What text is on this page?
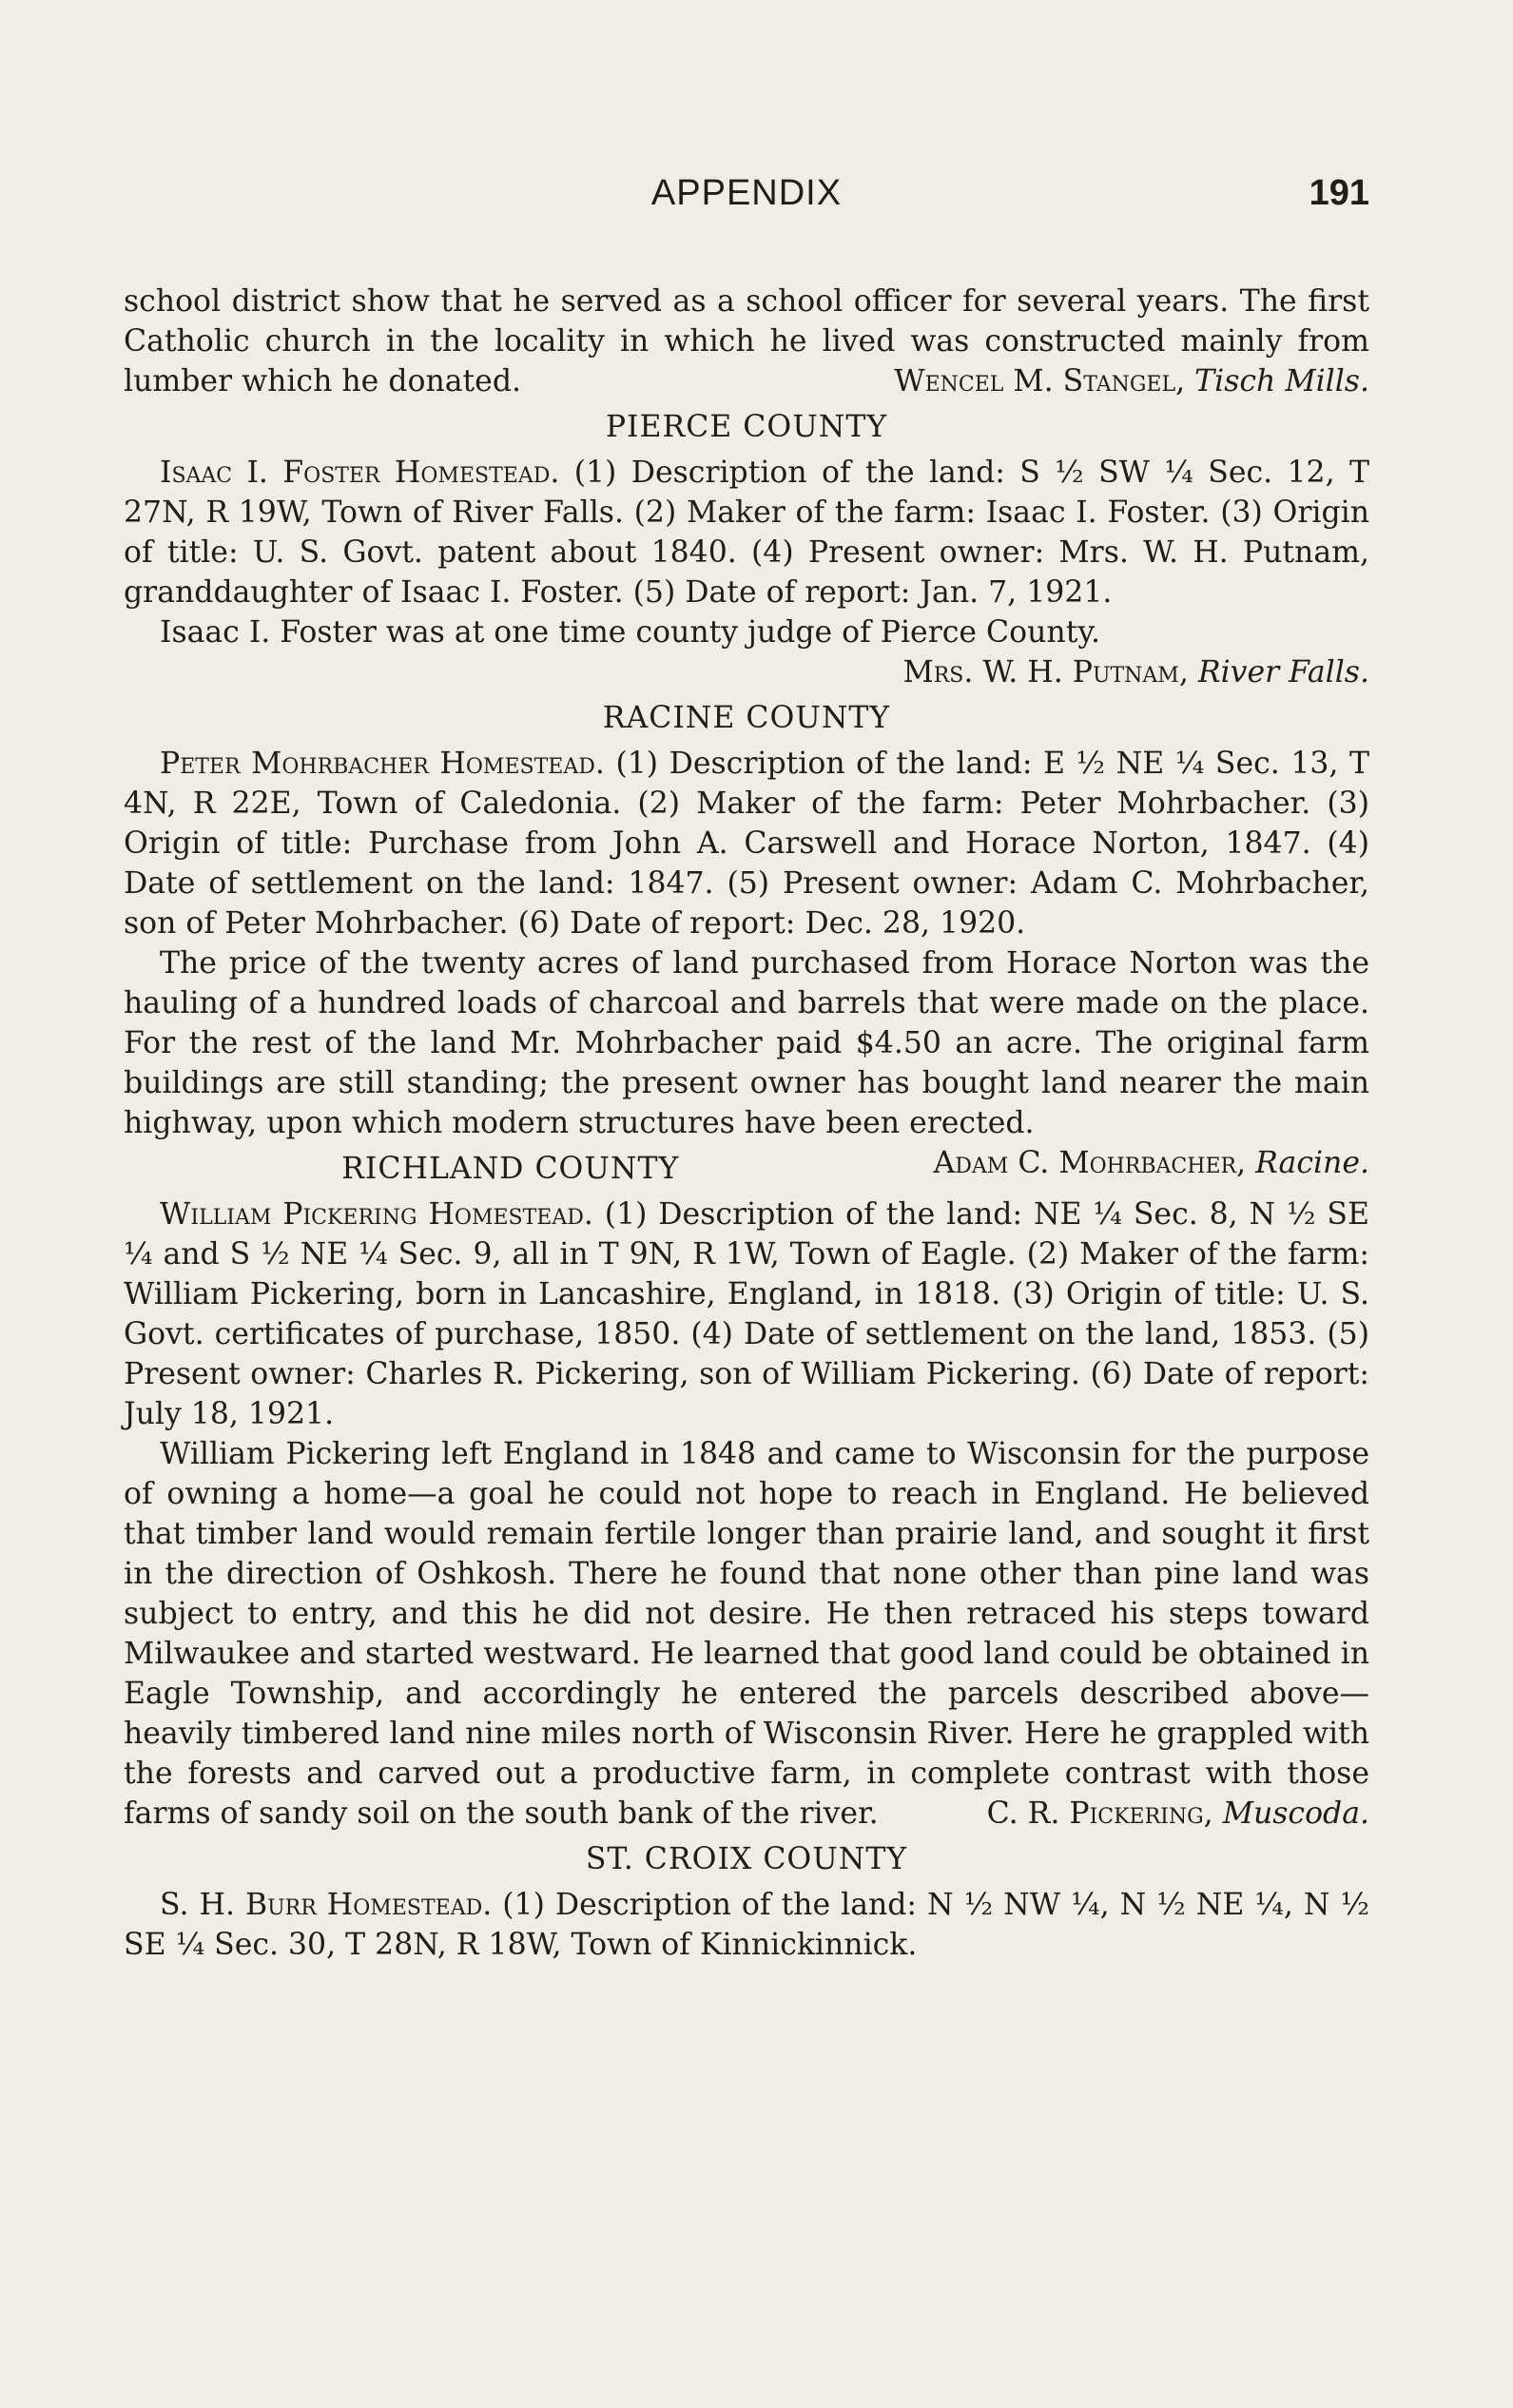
APPENDIX	191

school district show that he served as a school officer for several years. The first Catholic church in the locality in which he lived was constructed mainly from lumber which he donated.	Wencel M. Stangel, Tisch Mills.

PIERCE COUNTY

Isaac I. Foster Homestead. (1) Description of the land: S ½ SW ¼ Sec. 12, T 27N, R 19W, Town of River Falls. (2) Maker of the farm: Isaac I. Foster. (3) Origin of title: U. S. Govt. patent about 1840. (4) Present owner: Mrs. W. H. Putnam, granddaughter of Isaac I. Foster. (5) Date of report: Jan. 7, 1921.

Isaac I. Foster was at one time county judge of Pierce County.

Mrs. W. H. Putnam, River Falls.

RACINE COUNTY

Peter Mohrbacher Homestead. (1) Description of the land: E ½ NE ¼ Sec. 13, T 4N, R 22E, Town of Caledonia. (2) Maker of the farm: Peter Mohrbacher. (3) Origin of title: Purchase from John A. Carswell and Horace Norton, 1847. (4) Date of settlement on the land: 1847. (5) Present owner: Adam C. Mohrbacher, son of Peter Mohrbacher. (6) Date of report: Dec. 28, 1920.

The price of the twenty acres of land purchased from Horace Norton was the hauling of a hundred loads of charcoal and barrels that were made on the place. For the rest of the land Mr. Mohrbacher paid $4.50 an acre. The original farm buildings are still standing; the present owner has bought land nearer the main highway, upon which modern structures have been erected.
Adam C. Mohrbacher, Racine.

RICHLAND COUNTY

William Pickering Homestead. (1) Description of the land: NE ¼ Sec. 8, N ½ SE ¼ and S ½ NE ¼ Sec. 9, all in T 9N, R 1W, Town of Eagle. (2) Maker of the farm: William Pickering, born in Lancashire, England, in 1818. (3) Origin of title: U. S. Govt. certificates of purchase, 1850. (4) Date of settlement on the land, 1853. (5) Present owner: Charles R. Pickering, son of William Pickering. (6) Date of report: July 18, 1921.

William Pickering left England in 1848 and came to Wisconsin for the purpose of owning a home—a goal he could not hope to reach in England. He believed that timber land would remain fertile longer than prairie land, and sought it first in the direction of Oshkosh. There he found that none other than pine land was subject to entry, and this he did not desire. He then retraced his steps toward Milwaukee and started westward. He learned that good land could be obtained in Eagle Township, and accordingly he entered the parcels described above—heavily timbered land nine miles north of Wisconsin River. Here he grappled with the forests and carved out a productive farm, in complete contrast with those farms of sandy soil on the south bank of the river.	C. R. Pickering, Muscoda.

ST. CROIX COUNTY

S. H. Burr Homestead. (1) Description of the land: N ½ NW ¼, N ½ NE ¼, N ½ SE ¼ Sec. 30, T 28N, R 18W, Town of Kinnickinnick.
